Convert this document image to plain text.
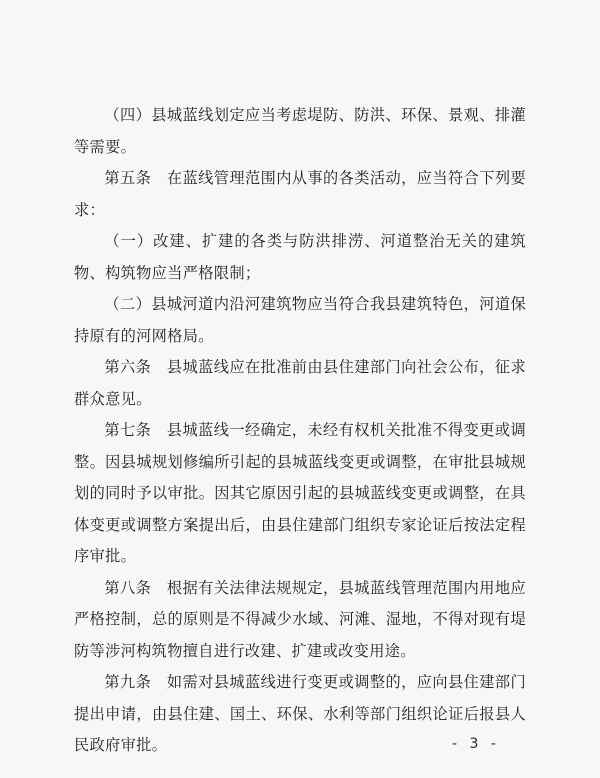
（四）县城蓝线划定应当考虑堤防、防洪、环保、景观、排灌等需要。

第五条　在蓝线管理范围内从事的各类活动，应当符合下列要求：

（一）改建、扩建的各类与防洪排涝、河道整治无关的建筑物、构筑物应当严格限制；

（二）县城河道内沿河建筑物应当符合我县建筑特色，河道保持原有的河网格局。

第六条　县城蓝线应在批准前由县住建部门向社会公布，征求群众意见。

第七条　县城蓝线一经确定，未经有权机关批准不得变更或调整。因县城规划修编所引起的县城蓝线变更或调整，在审批县城规划的同时予以审批。因其它原因引起的县城蓝线变更或调整，在具体变更或调整方案提出后，由县住建部门组织专家论证后按法定程序审批。

第八条　根据有关法律法规规定，县城蓝线管理范围内用地应严格控制，总的原则是不得减少水域、河滩、湿地，不得对现有堤防等涉河构筑物擅自进行改建、扩建或改变用途。

第九条　如需对县城蓝线进行变更或调整的，应向县住建部门提出申请，由县住建、国土、环保、水利等部门组织论证后报县人民政府审批。	- 3 -
